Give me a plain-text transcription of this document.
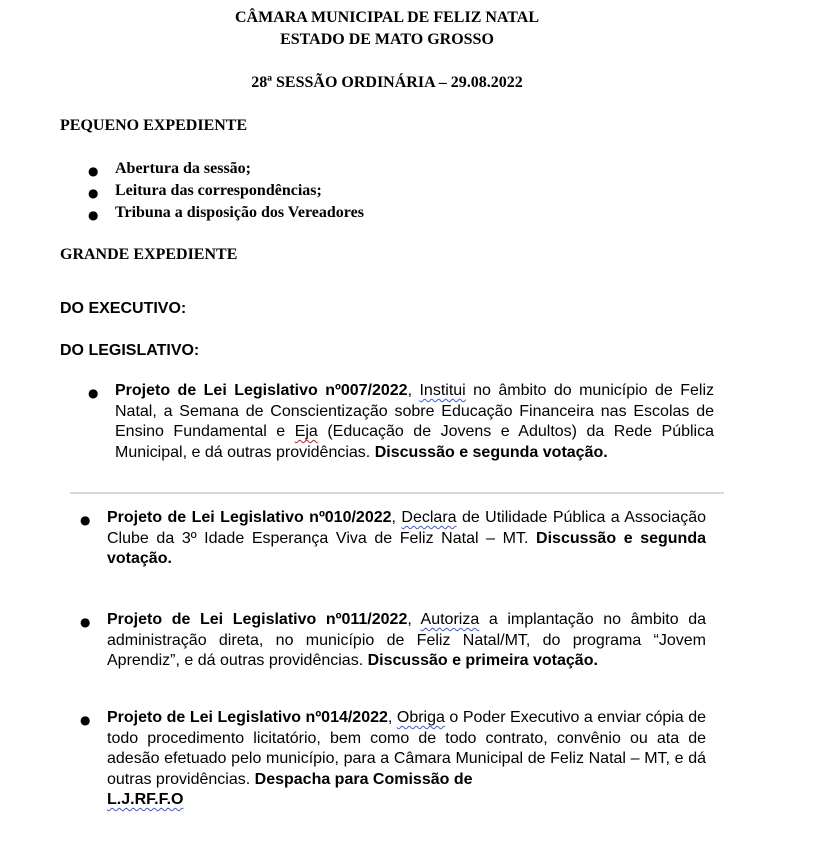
CÂMARA MUNICIPAL DE FELIZ NATAL
ESTADO DE MATO GROSSO
28ª SESSÃO ORDINÁRIA – 29.08.2022
PEQUENO EXPEDIENTE
● Abertura da sessão;
● Leitura das correspondências;
● Tribuna a disposição dos Vereadores
GRANDE EXPEDIENTE
DO EXECUTIVO:
DO LEGISLATIVO:
● Projeto de Lei Legislativo nº007/2022, Institui no âmbito do município de Feliz Natal, a Semana de Conscientização sobre Educação Financeira nas Escolas de Ensino Fundamental e Eja (Educação de Jovens e Adultos) da Rede Pública Municipal, e dá outras providências. Discussão e segunda votação.
● Projeto de Lei Legislativo nº010/2022, Declara de Utilidade Pública a Associação Clube da 3º Idade Esperança Viva de Feliz Natal – MT. Discussão e segunda votação.
● Projeto de Lei Legislativo nº011/2022, Autoriza a implantação no âmbito da administração direta, no município de Feliz Natal/MT, do programa “Jovem Aprendiz”, e dá outras providências. Discussão e primeira votação.
● Projeto de Lei Legislativo nº014/2022, Obriga o Poder Executivo a enviar cópia de todo procedimento licitatório, bem como de todo contrato, convênio ou ata de adesão efetuado pelo município, para a Câmara Municipal de Feliz Natal – MT, e dá outras providências. Despacha para Comissão de
L.J.RF.F.O
